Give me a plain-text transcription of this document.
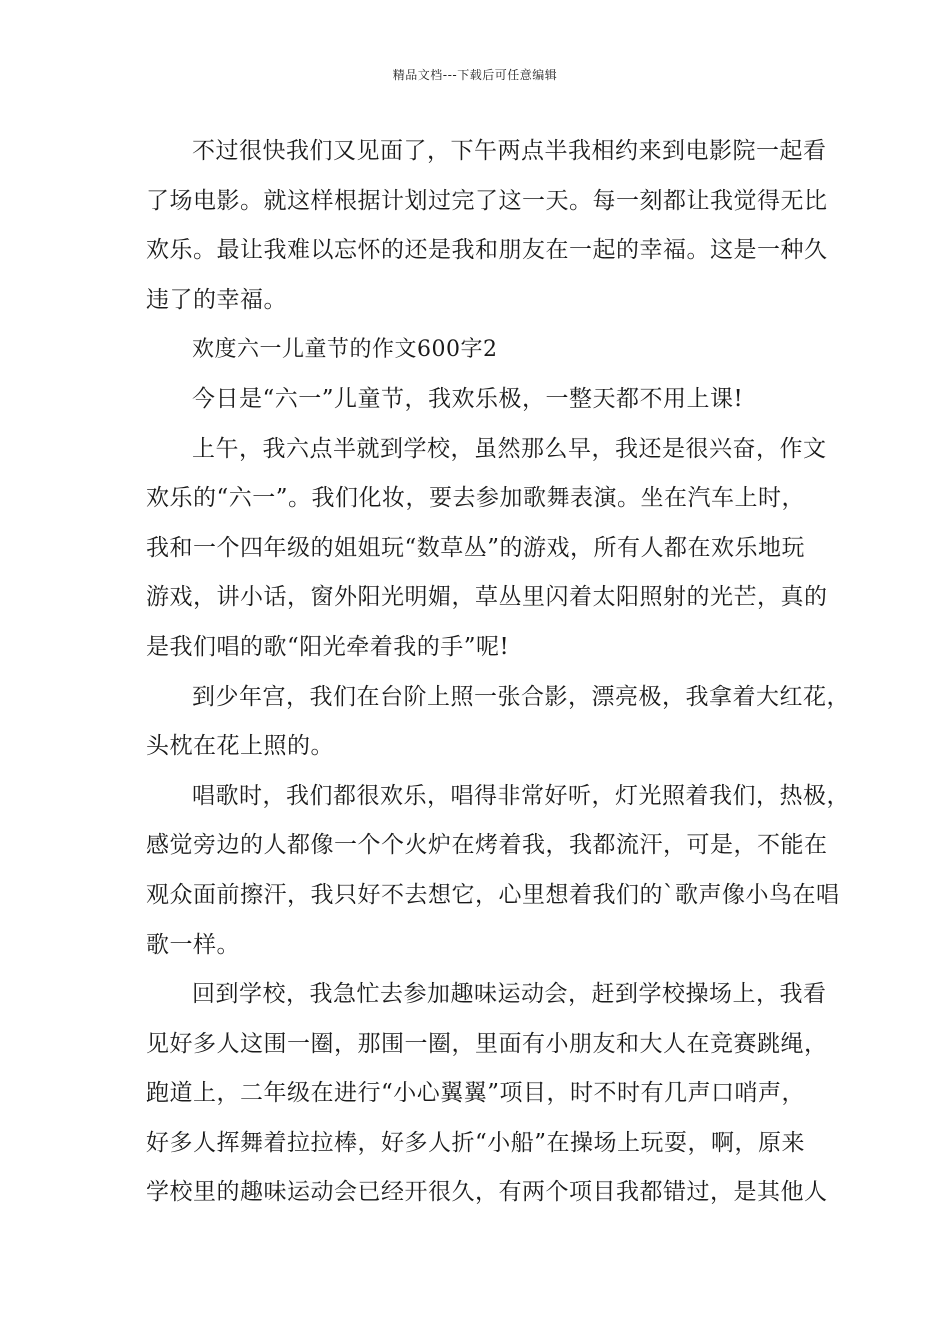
精品文档---下载后可任意编辑
不过很快我们又见面了，下午两点半我相约来到电影院一起看
了场电影。就这样根据计划过完了这一天。每一刻都让我觉得无比
欢乐。最让我难以忘怀的还是我和朋友在一起的幸福。这是一种久
违了的幸福。
欢度六一儿童节的作文600字2
今日是“六一”儿童节，我欢乐极，一整天都不用上课!
上午，我六点半就到学校，虽然那么早，我还是很兴奋，作文
欢乐的“六一”。我们化妆，要去参加歌舞表演。坐在汽车上时，
我和一个四年级的姐姐玩“数草丛”的游戏，所有人都在欢乐地玩
游戏，讲小话，窗外阳光明媚，草丛里闪着太阳照射的光芒，真的
是我们唱的歌“阳光牵着我的手”呢!
到少年宫，我们在台阶上照一张合影，漂亮极，我拿着大红花，
头枕在花上照的。
唱歌时，我们都很欢乐，唱得非常好听，灯光照着我们，热极，
感觉旁边的人都像一个个火炉在烤着我，我都流汗，可是，不能在
观众面前擦汗，我只好不去想它，心里想着我们的`歌声像小鸟在唱
歌一样。
回到学校，我急忙去参加趣味运动会，赶到学校操场上，我看
见好多人这围一圈，那围一圈，里面有小朋友和大人在竞赛跳绳，
跑道上，二年级在进行“小心翼翼”项目，时不时有几声口哨声，
好多人挥舞着拉拉棒，好多人折“小船”在操场上玩耍，啊，原来
学校里的趣味运动会已经开很久，有两个项目我都错过，是其他人
